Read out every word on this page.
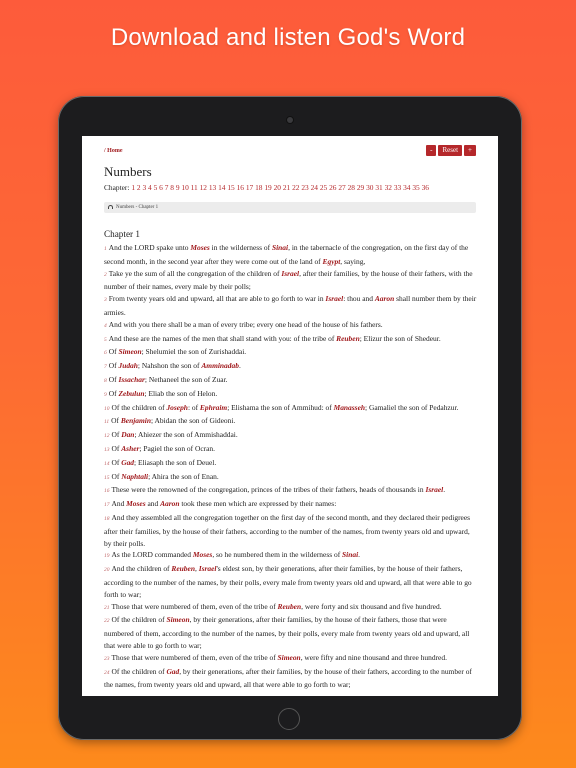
Download and listen God's Word
/ Home	-	Reset	+
Numbers
Chapter: 1 2 3 4 5 6 7 8 9 10 11 12 13 14 15 16 17 18 19 20 21 22 23 24 25 26 27 28 29 30 31 32 33 34 35 36
Numbers - Chapter 1
Chapter 1
1 And the LORD spake unto Moses in the wilderness of Sinai, in the tabernacle of the congregation, on the first day of the second month, in the second year after they were come out of the land of Egypt, saying,
2 Take ye the sum of all the congregation of the children of Israel, after their families, by the house of their fathers, with the number of their names, every male by their polls;
3 From twenty years old and upward, all that are able to go forth to war in Israel: thou and Aaron shall number them by their armies.
4 And with you there shall be a man of every tribe; every one head of the house of his fathers.
5 And these are the names of the men that shall stand with you: of the tribe of Reuben; Elizur the son of Shedeur.
6 Of Simeon; Shelumiel the son of Zurishaddai.
7 Of Judah; Nahshon the son of Amminadab.
8 Of Issachar; Nethaneel the son of Zuar.
9 Of Zebulun; Eliab the son of Helon.
10 Of the children of Joseph: of Ephraim; Elishama the son of Ammihud: of Manasseh; Gamaliel the son of Pedahzur.
11 Of Benjamin; Abidan the son of Gideoni.
12 Of Dan; Ahiezer the son of Ammishaddai.
13 Of Asher; Pagiel the son of Ocran.
14 Of Gad; Eliasaph the son of Deuel.
15 Of Naphtali; Ahira the son of Enan.
16 These were the renowned of the congregation, princes of the tribes of their fathers, heads of thousands in Israel.
17 And Moses and Aaron took these men which are expressed by their names:
18 And they assembled all the congregation together on the first day of the second month, and they declared their pedigrees after their families, by the house of their fathers, according to the number of the names, from twenty years old and upward, by their polls.
19 As the LORD commanded Moses, so he numbered them in the wilderness of Sinai.
20 And the children of Reuben, Israel's eldest son, by their generations, after their families, by the house of their fathers, according to the number of the names, by their polls, every male from twenty years old and upward, all that were able to go forth to war;
21 Those that were numbered of them, even of the tribe of Reuben, were forty and six thousand and five hundred.
22 Of the children of Simeon, by their generations, after their families, by the house of their fathers, those that were numbered of them, according to the number of the names, by their polls, every male from twenty years old and upward, all that were able to go forth to war;
23 Those that were numbered of them, even of the tribe of Simeon, were fifty and nine thousand and three hundred.
24 Of the children of Gad, by their generations, after their families, by the house of their fathers, according to the number of the names, from twenty years old and upward, all that were able to go forth to war;
